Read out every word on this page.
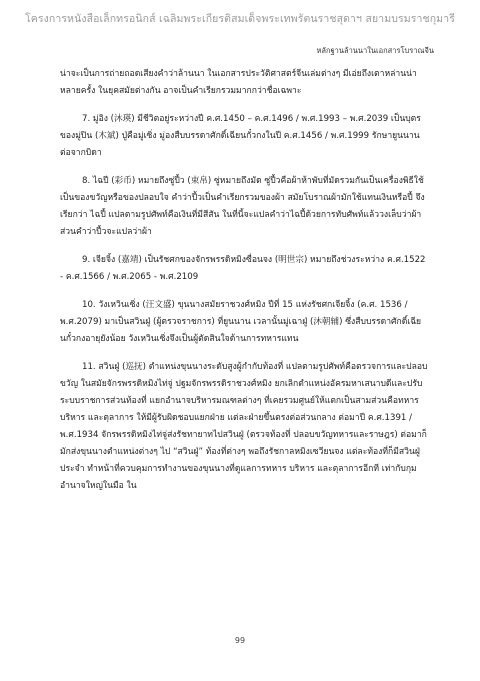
โครงการหนังสือเล็กทรอนิกส์ เฉลิมพระเกียรติสมเด็จพระเทพรัตนราชสุดาฯ สยามบรมราชกุมารี
หลักฐานล้านนาในเอกสารโบราณจีน

น่าจะเป็นการถ่ายถอดเสียงคำว่าล้านนา ในเอกสารประวัติศาสตร์จีนเล่มต่างๆ มีเอ่ยถึงเตาหล่านน่าหลายครั้ง ในยุคสมัยต่างกัน อาจเป็นคำเรียกรวมมากกว่าชื่อเฉพาะ

7. มู่อิง (沐瑛) มีชีวิตอยู่ระหว่างปี ค.ศ.1450 – ค.ศ.1496 / พ.ศ.1993 – พ.ศ.2039 เป็นบุตรของมู่ปิน (木斌) ปู่คือมู่เซิ่ง มู่องสืบบรรดาศักดิ์เฉียนกั๋วกงในปี ค.ศ.1456 / พ.ศ.1999 รักษายูนนานต่อจากบิดา

8. ไฉปี (彩币) หมายถึงซู่ปี้ว (束帛) ซู่หมายถึงมัด ซู่ปี้วคือผ้าห้าพับที่มัดรวมกันเป็นเครื่องพิธีใช้เป็นของขวัญหรือของปลอบใจ คำว่าปี้วเป็นคำเรียกรวมของผ้า สมัยโบราณผ้ามักใช้แทนเงินหรือปี้ จึงเรียกว่า ไฉปี้ แปลตามรูปศัพท์คือเงินที่มีสีสัน ในที่นี้จะแปลคำว่าไฉปี้ด้วยการทับศัพท์แล้ววงเล็บว่าผ้า ส่วนคำว่าปี้วจะแปลว่าผ้า

9. เจียจิ้ง (嘉靖) เป็นรัชศกของจักรพรรดิหมิงซื่อนจง (明世宗) หมายถึงช่วงระหว่าง ค.ศ.1522 - ค.ศ.1566 / พ.ศ.2065 - พ.ศ.2109

10. วังเหวินเซิ่ง (汪文盛) ขุนนางสมัยราชวงศ์หมิง ปีที่ 15 แห่งรัชศกเจียจิ้ง (ค.ศ. 1536 / พ.ศ.2079) มาเป็นสวินฝู่ (ผู้ตรวจราชการ) ที่ยูนนาน เวลานั้นมู่เฉาฝู่ (沐朝辅) ซึ่งสืบบรรดาศักดิ์เฉียนกั๋วกงอายุยังน้อย วังเหวินเซิ่งจึงเป็นผู้ตัดสินใจด้านการทหารแทน

11. สวินฝู่ (巡抚) ตำแหน่งขุนนางระดับสูงผู้กำกับท้องที่ แปลตามรูปศัพท์คือตรวจการและปลอบขวัญ ในสมัยจักรพรรดิหมิงไท่จู่ ปฐมจักรพรรดิราชวงศ์หมิง ยกเลิกตำแหน่งอัครมหาเสนาบดีและปรับระบบราชการส่วนท้องที่ แยกอำนาจบริหารมณฑลต่างๆ ที่เคยรวมศูนย์ให้แตกเป็นสามส่วนคือทหาร บริหาร และตุลาการ ให้มีผู้รับผิดชอบแยกฝ่าย แต่ละฝ่ายขึ้นตรงต่อส่วนกลาง ต่อมาปี ค.ศ.1391 / พ.ศ.1934 จักรพรรดิหมิงไท่จู่ส่งรัชทายาทไปสวินฝู่ (ตรวจท้องที่ ปลอบขวัญทหารและราษฎร) ต่อมาก็มักส่งขุนนางตำแหน่งต่างๆ ไป “สวินฝู่” ท้องที่ต่างๆ พอถึงรัชกาลหมิงเซวียนจง แต่ละท้องที่ก็มีสวินฝู่ประจำ ทำหน้าที่ควบคุมการทำงานของขุนนางที่ดูแลการทหาร บริหาร และตุลาการอีกที เท่ากับกุมอำนาจใหญ่ในมือ ใน

99
